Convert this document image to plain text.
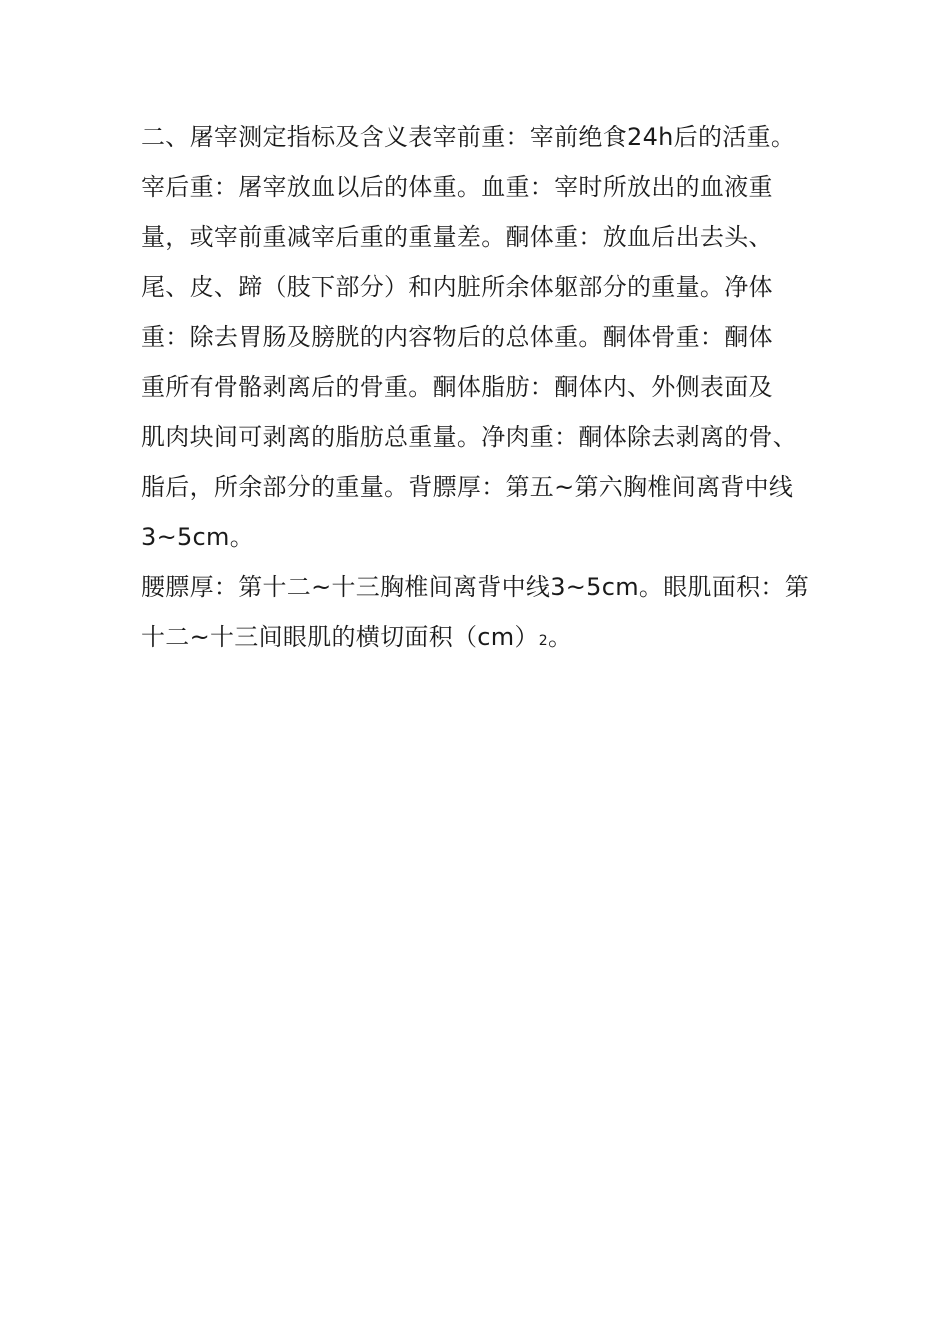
二、屠宰测定指标及含义表宰前重：宰前绝食24h后的活重。
宰后重：屠宰放血以后的体重。血重：宰时所放出的血液重
量，或宰前重减宰后重的重量差。酮体重：放血后出去头、
尾、皮、蹄（肢下部分）和内脏所余体躯部分的重量。净体
重：除去胃肠及膀胱的内容物后的总体重。酮体骨重：酮体
重所有骨骼剥离后的骨重。酮体脂肪：酮体内、外侧表面及
肌肉块间可剥离的脂肪总重量。净肉重：酮体除去剥离的骨、
脂后，所余部分的重量。背膘厚：第五~第六胸椎间离背中线
3~5cm。
腰膘厚：第十二~十三胸椎间离背中线3~5cm。眼肌面积：第
十二~十三间眼肌的横切面积（cm）2。
